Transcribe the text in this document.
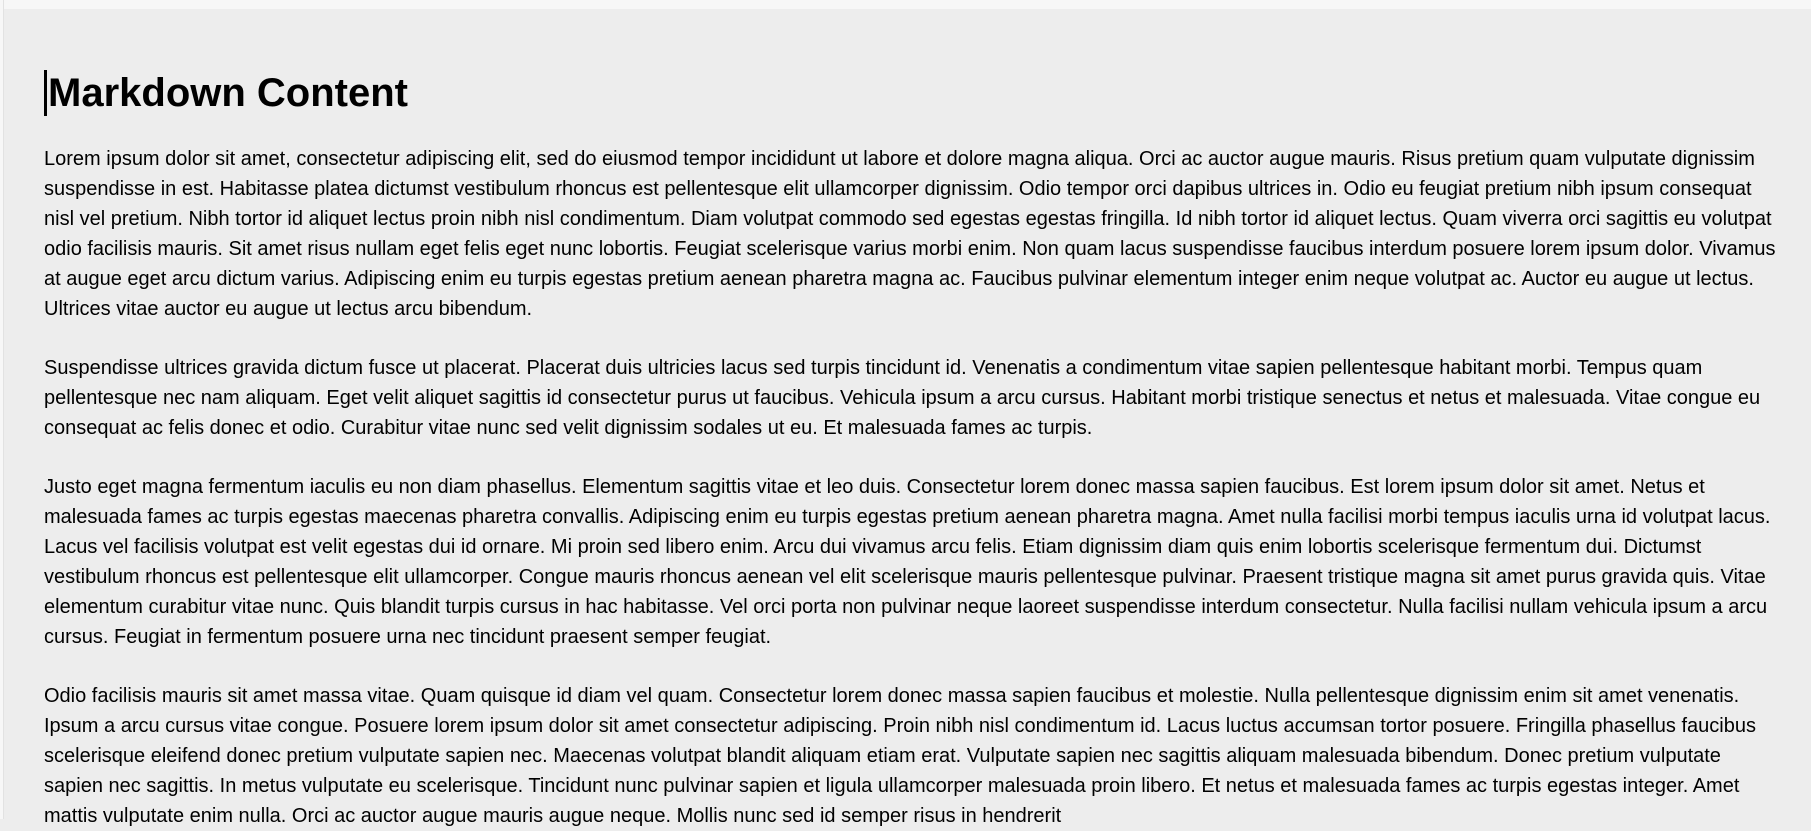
Markdown Content

Lorem ipsum dolor sit amet, consectetur adipiscing elit, sed do eiusmod tempor incididunt ut labore et dolore magna aliqua. Orci ac auctor augue mauris. Risus pretium quam vulputate dignissim suspendisse in est. Habitasse platea dictumst vestibulum rhoncus est pellentesque elit ullamcorper dignissim. Odio tempor orci dapibus ultrices in. Odio eu feugiat pretium nibh ipsum consequat nisl vel pretium. Nibh tortor id aliquet lectus proin nibh nisl condimentum. Diam volutpat commodo sed egestas egestas fringilla. Id nibh tortor id aliquet lectus. Quam viverra orci sagittis eu volutpat odio facilisis mauris. Sit amet risus nullam eget felis eget nunc lobortis. Feugiat scelerisque varius morbi enim. Non quam lacus suspendisse faucibus interdum posuere lorem ipsum dolor. Vivamus at augue eget arcu dictum varius. Adipiscing enim eu turpis egestas pretium aenean pharetra magna ac. Faucibus pulvinar elementum integer enim neque volutpat ac. Auctor eu augue ut lectus. Ultrices vitae auctor eu augue ut lectus arcu bibendum.

Suspendisse ultrices gravida dictum fusce ut placerat. Placerat duis ultricies lacus sed turpis tincidunt id. Venenatis a condimentum vitae sapien pellentesque habitant morbi. Tempus quam pellentesque nec nam aliquam. Eget velit aliquet sagittis id consectetur purus ut faucibus. Vehicula ipsum a arcu cursus. Habitant morbi tristique senectus et netus et malesuada. Vitae congue eu consequat ac felis donec et odio. Curabitur vitae nunc sed velit dignissim sodales ut eu. Et malesuada fames ac turpis.

Justo eget magna fermentum iaculis eu non diam phasellus. Elementum sagittis vitae et leo duis. Consectetur lorem donec massa sapien faucibus. Est lorem ipsum dolor sit amet. Netus et malesuada fames ac turpis egestas maecenas pharetra convallis. Adipiscing enim eu turpis egestas pretium aenean pharetra magna. Amet nulla facilisi morbi tempus iaculis urna id volutpat lacus. Lacus vel facilisis volutpat est velit egestas dui id ornare. Mi proin sed libero enim. Arcu dui vivamus arcu felis. Etiam dignissim diam quis enim lobortis scelerisque fermentum dui. Dictumst vestibulum rhoncus est pellentesque elit ullamcorper. Congue mauris rhoncus aenean vel elit scelerisque mauris pellentesque pulvinar. Praesent tristique magna sit amet purus gravida quis. Vitae elementum curabitur vitae nunc. Quis blandit turpis cursus in hac habitasse. Vel orci porta non pulvinar neque laoreet suspendisse interdum consectetur. Nulla facilisi nullam vehicula ipsum a arcu cursus. Feugiat in fermentum posuere urna nec tincidunt praesent semper feugiat.

Odio facilisis mauris sit amet massa vitae. Quam quisque id diam vel quam. Consectetur lorem donec massa sapien faucibus et molestie. Nulla pellentesque dignissim enim sit amet venenatis. Ipsum a arcu cursus vitae congue. Posuere lorem ipsum dolor sit amet consectetur adipiscing. Proin nibh nisl condimentum id. Lacus luctus accumsan tortor posuere. Fringilla phasellus faucibus scelerisque eleifend donec pretium vulputate sapien nec. Maecenas volutpat blandit aliquam etiam erat. Vulputate sapien nec sagittis aliquam malesuada bibendum. Donec pretium vulputate sapien nec sagittis. In metus vulputate eu scelerisque. Tincidunt nunc pulvinar sapien et ligula ullamcorper malesuada proin libero. Et netus et malesuada fames ac turpis egestas integer. Amet mattis vulputate enim nulla. Orci ac auctor augue mauris augue neque. Mollis nunc sed id semper risus in hendrerit
